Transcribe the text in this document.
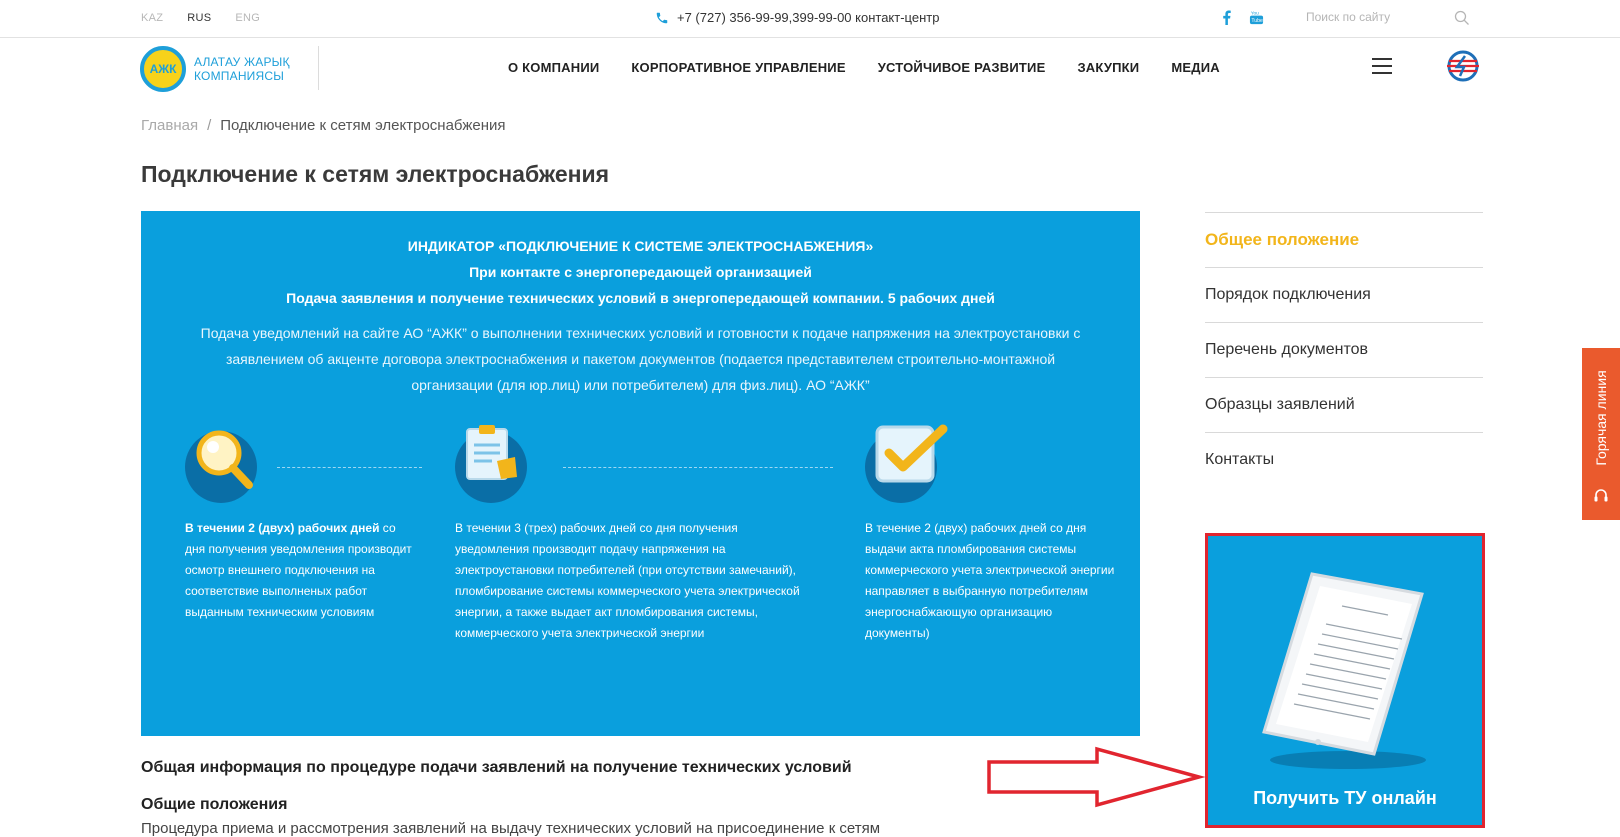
KAZ RUS ENG	+7 (727) 356-99-99,399-99-00 контакт-центр	Tube
You
Поиск по сайту
АЖК	АЛАТАУ ЖАРЫҚ
КОМПАНИЯСЫ
О КОМПАНИИ КОРПОРАТИВНОЕ УПРАВЛЕНИЕ УСТОЙЧИВОЕ РАЗВИТИЕ ЗАКУПКИ МЕДИА
Главная / Подключение к сетям электроснабжения
Подключение к сетям электроснабжения
ИНДИКАТОР «ПОДКЛЮЧЕНИЕ К СИСТЕМЕ ЭЛЕКТРОСНАБЖЕНИЯ»
При контакте с энергопередающей организацией
Подача заявления и получение технических условий в энергопередающей компании. 5 рабочих дней
Подача уведомлений на сайте АО “АЖК” о выполнении технических условий и готовности к подаче напряжения на электроустановки с заявлением об акценте договора электроснабжения и пакетом документов (подается представителем строительно-монтажной организации (для юр.лиц) или потребителем) для физ.лиц). АО “АЖК”
В течении 2 (двух) рабочих дней со дня получения уведомления производит осмотр внешнего подключения на соответствие выполненых работ выданным техническим условиям
В течении 3 (трех) рабочих дней со дня получения уведомления производит подачу напряжения на электроустановки потребителей (при отсутствии замечаний), пломбирование системы коммерческого учета электрической энергии, а также выдает акт пломбирования системы, коммерческого учета электрической энергии
В течение 2 (двух) рабочих дней со дня выдачи акта пломбирования системы коммерческого учета электрической энергии направляет в выбранную потребителям энергоснабжающую организацию документы)
Общее положение
Порядок подключения
Перечень документов
Образцы заявлений
Контакты
Получить ТУ онлайн
Горячая линия
Общая информация по процедуре подачи заявлений на получение технических условий
Общие положения
Процедура приема и рассмотрения заявлений на выдачу технических условий на присоединение к сетям
